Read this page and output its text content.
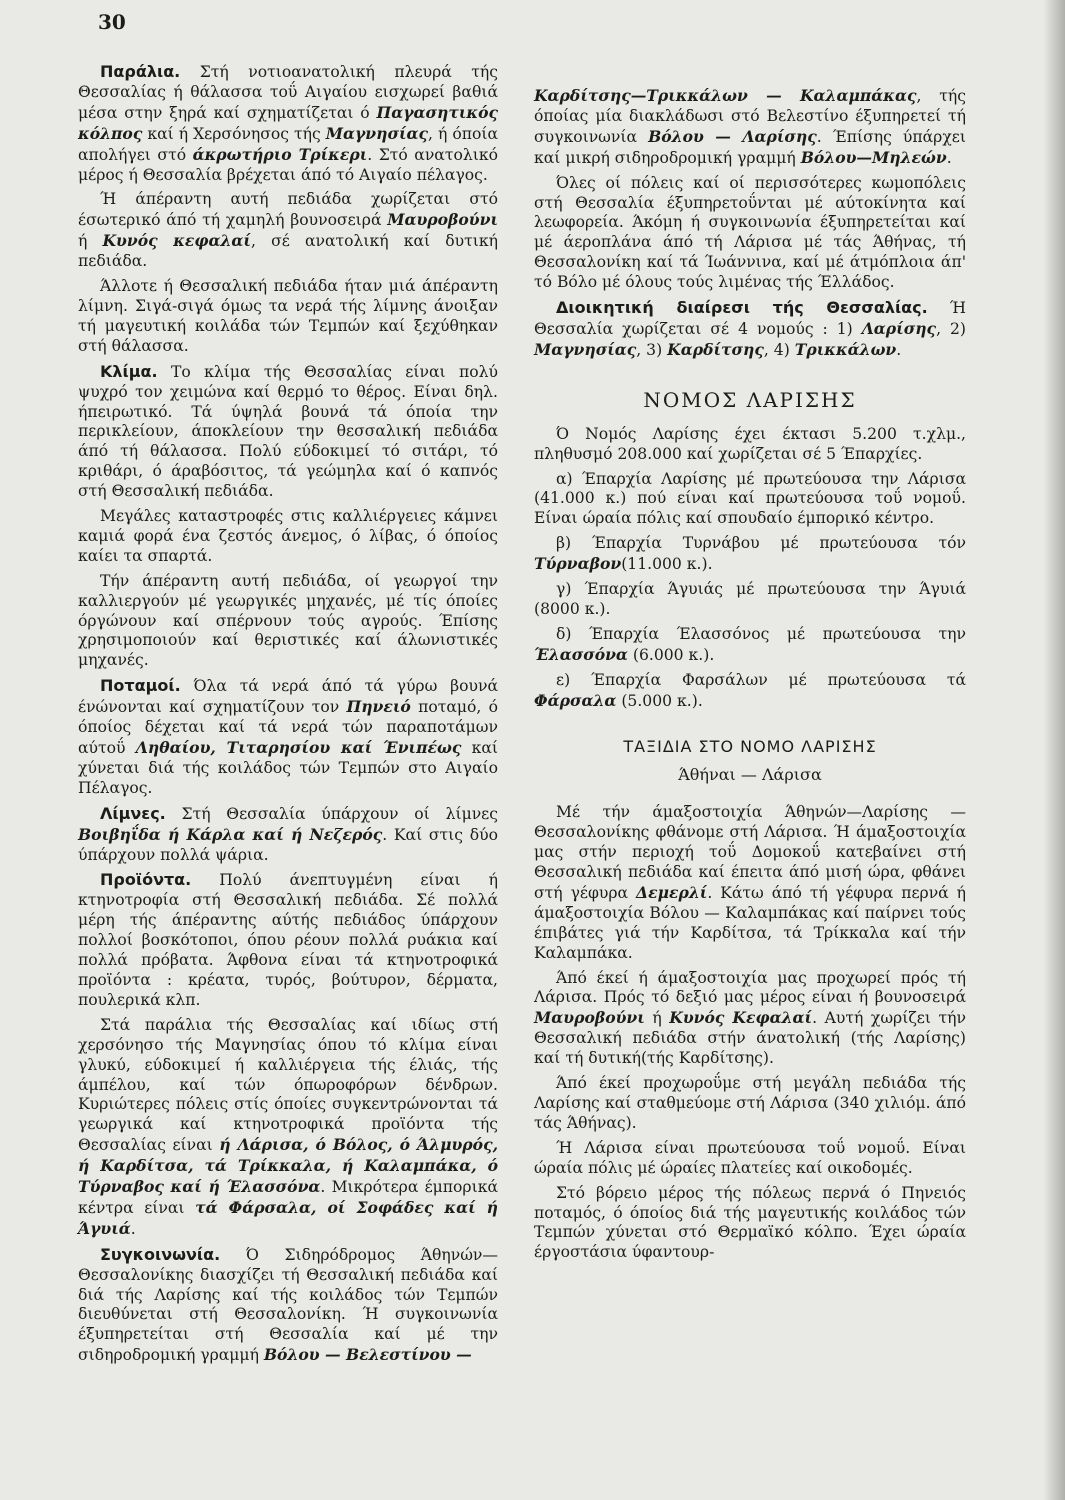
30

Παράλια. Στή νοτιοανατολική πλευρά τής Θεσσαλίας ή θάλασσα τοΰ Αιγαίου εισχωρεί βαθιά μέσα στην ξηρά καί σχηματίζεται ό Παγασητικός κόλπος καί ή Χερσόνησος τής Μαγνησίας, ή όποία απολήγει στό άκρωτήριο Τρίκερι. Στό ανατολικό μέρος ή Θεσσαλία βρέχεται άπό τό Αιγαίο πέλαγος.

Ή άπέραντη αυτή πεδιάδα χωρίζεται στό έσωτερικό άπό τή χαμηλή βουνοσειρά Μαυροβούνι ή Κυνός κεφαλαί, σέ ανατολική καί δυτική πεδιάδα.

Άλλοτε ή Θεσσαλική πεδιάδα ήταν μιά άπέραντη λίμνη. Σιγά-σιγά όμως τα νερά τής λίμνης άνοιξαν τή μαγευτική κοιλάδα τών Τεμπών καί ξεχύθηκαν στή θάλασσα.

Κλίμα. Το κλίμα τής Θεσσαλίας είναι πολύ ψυχρό τον χειμώνα καί θερμό το θέρος. Είναι δηλ. ήπειρωτικό. Τά ύψηλά βουνά τά όποία την περικλείουν, άποκλείουν την θεσσαλική πεδιάδα άπό τή θάλασσα. Πολύ εύδοκιμεί τό σιτάρι, τό κριθάρι, ό άραβόσιτος, τά γεώμηλα καί ό καπνός στή Θεσσαλική πεδιάδα.

Μεγάλες καταστροφές στις καλλιέργειες κάμνει καμιά φορά ένα ζεστός άνεμος, ό λίβας, ό όποίος καίει τα σπαρτά.

Τήν άπέραντη αυτή πεδιάδα, οί γεωργοί την καλλιεργούν μέ γεωργικές μηχανές, μέ τίς όποίες όργώνουν καί σπέρνουν τούς αγρούς. Έπίσης χρησιμοποιούν καί θεριστικές καί άλωνιστικές μηχανές.

Ποταμοί. Όλα τά νερά άπό τά γύρω βουνά ένώνονται καί σχηματίζουν τον Πηνειό ποταμό, ό όποίος δέχεται καί τά νερά τών παραποτάμων αύτοΰ Ληθαίου, Τιταρησίου καί Ένιπέως καί χύνεται διά τής κοιλάδος τών Τεμπών στο Αιγαίο Πέλαγος.

Λίμνες. Στή Θεσσαλία ύπάρχουν οί λίμνες Βοιβηΐδα ή Κάρλα καί ή Νεζερός. Καί στις δύο ύπάρχουν πολλά ψάρια.

Προϊόντα. Πολύ άνεπτυγμένη είναι ή κτηνοτροφία στή Θεσσαλική πεδιάδα. Σέ πολλά μέρη τής άπέραντης αύτής πεδιάδος ύπάρχουν πολλοί βοσκότοποι, όπου ρέουν πολλά ρυάκια καί πολλά πρόβατα. Άφθονα είναι τά κτηνοτροφικά προϊόντα : κρέατα, τυρός, βούτυρον, δέρματα, πουλερικά κλπ.

Στά παράλια τής Θεσσαλίας καί ιδίως στή χερσόνησο τής Μαγνησίας όπου τό κλίμα είναι γλυκύ, εύδοκιμεί ή καλλιέργεια τής έλιάς, τής άμπέλου, καί τών όπωροφόρων δένδρων. Κυριώτερες πόλεις στίς όποίες συγκεντρώνονται τά γεωργικά καί κτηνοτροφικά προϊόντα τής Θεσσαλίας είναι ή Λάρισα, ό Βόλος, ό Άλμυρός, ή Καρδίτσα, τά Τρίκκαλα, ή Καλαμπάκα, ό Τύρναβος καί ή Έλασσόνα. Μικρότερα έμπορικά κέντρα είναι τά Φάρσαλα, οί Σοφάδες καί ή Άγυιά.

Συγκοινωνία. Ό Σιδηρόδρομος Άθηνών—Θεσσαλονίκης διασχίζει τή Θεσσαλική πεδιάδα καί διά τής Λαρίσης καί τής κοιλάδος τών Τεμπών διευθύνεται στή Θεσσαλονίκη. Ή συγκοινωνία έξυπηρετείται στή Θεσσαλία καί μέ την σιδηροδρομική γραμμή Βόλου — Βελεστίνου —

Καρδίτσης—Τρικκάλων — Καλαμπάκας, τής όποίας μία διακλάδωσι στό Βελεστίνο έξυπηρετεί τή συγκοινωνία Βόλου — Λαρίσης. Έπίσης ύπάρχει καί μικρή σιδηροδρομική γραμμή Βόλου—Μηλεών.

Όλες οί πόλεις καί οί περισσότερες κωμοπόλεις στή Θεσσαλία έξυπηρετοΰνται μέ αύτοκίνητα καί λεωφορεία. Άκόμη ή συγκοινωνία έξυπηρετείται καί μέ άεροπλάνα άπό τή Λάρισα μέ τάς Άθήνας, τή Θεσσαλονίκη καί τά Ίωάννινα, καί μέ άτμόπλοια άπ' τό Βόλο μέ όλους τούς λιμένας τής Έλλάδος.

Διοικητική διαίρεσι τής Θεσσαλίας. Ή Θεσσαλία χωρίζεται σέ 4 νομούς : 1) Λαρίσης, 2) Μαγνησίας, 3) Καρδίτσης, 4) Τρικκάλων.

ΝΟΜΟΣ ΛΑΡΙΣΗΣ

Ό Νομός Λαρίσης έχει έκτασι 5.200 τ.χλμ., πληθυσμό 208.000 καί χωρίζεται σέ 5 Έπαρχίες.

α) Έπαρχία Λαρίσης μέ πρωτεύουσα την Λάρισα (41.000 κ.) πού είναι καί πρωτεύουσα τοΰ νομοΰ. Είναι ώραία πόλις καί σπουδαίο έμπορικό κέντρο.

β) Έπαρχία Τυρνάβου μέ πρωτεύουσα τόν Τύρναβον(11.000 κ.).

γ) Έπαρχία Άγυιάς μέ πρωτεύουσα την Άγυιά (8000 κ.).

δ) Έπαρχία Έλασσόνος μέ πρωτεύουσα την Έλασσόνα (6.000 κ.).

ε) Έπαρχία Φαρσάλων μέ πρωτεύουσα τά Φάρσαλα (5.000 κ.).

ΤΑΞΙΔΙΑ ΣΤΟ ΝΟΜΟ ΛΑΡΙΣΗΣ
Άθήναι — Λάρισα

Μέ τήν άμαξοστοιχία Άθηνών—Λαρίσης — Θεσσαλονίκης φθάνομε στή Λάρισα. Ή άμαξοστοιχία μας στήν περιοχή τοΰ Δομοκοΰ κατεβαίνει στή Θεσσαλική πεδιάδα καί έπειτα άπό μισή ώρα, φθάνει στή γέφυρα Δεμερλί. Κάτω άπό τή γέφυρα περνά ή άμαξοστοιχία Βόλου — Καλαμπάκας καί παίρνει τούς έπιβάτες γιά τήν Καρδίτσα, τά Τρίκκαλα καί τήν Καλαμπάκα.

Άπό έκεί ή άμαξοστοιχία μας προχωρεί πρός τή Λάρισα. Πρός τό δεξιό μας μέρος είναι ή βουνοσειρά Μαυροβούνι ή Κυνός Κεφαλαί. Αυτή χωρίζει τήν Θεσσαλική πεδιάδα στήν άνατολική (τής Λαρίσης) καί τή δυτική(τής Καρδίτσης).

Άπό έκεί προχωροΰμε στή μεγάλη πεδιάδα τής Λαρίσης καί σταθμεύομε στή Λάρισα (340 χιλιόμ. άπό τάς Άθήνας).

Ή Λάρισα είναι πρωτεύουσα τοΰ νομοΰ. Είναι ώραία πόλις μέ ώραίες πλατείες καί οικοδομές.

Στό βόρειο μέρος τής πόλεως περνά ό Πηνειός ποταμός, ό όποίος διά τής μαγευτικής κοιλάδος τών Τεμπών χύνεται στό Θερμαϊκό κόλπο. Έχει ώραία έργοστάσια ύφαντουρ-
